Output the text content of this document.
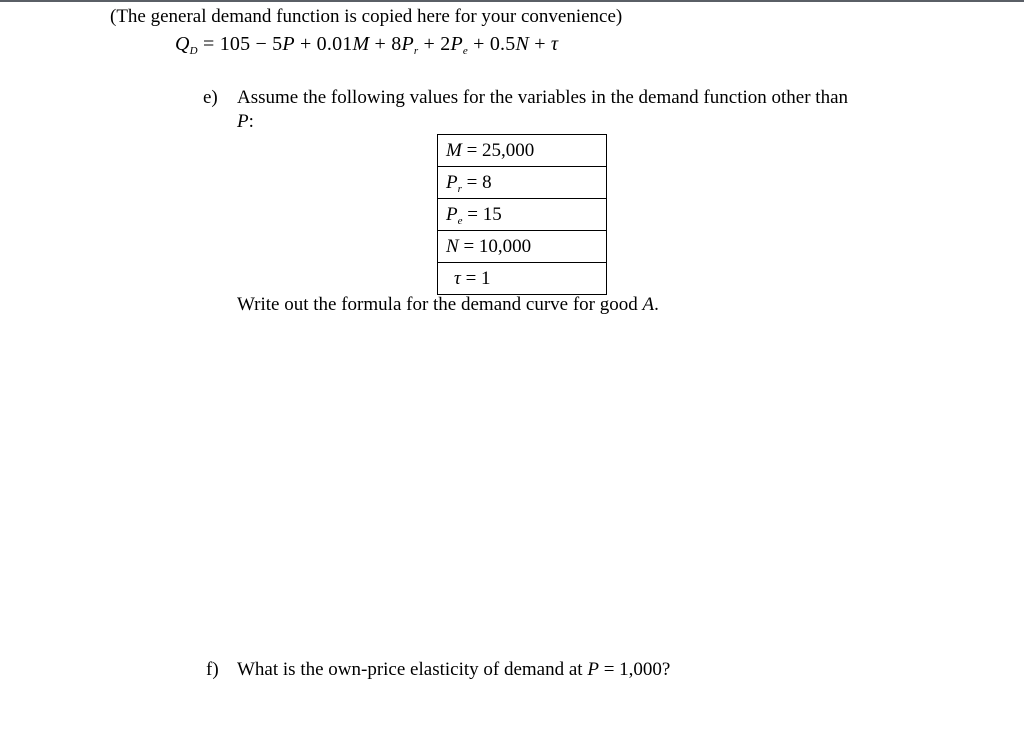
(The general demand function is copied here for your convenience)
$Q_D = 105 - 5P + 0.01M + 8P_r + 2P_e + 0.5N + \tau$
e) Assume the following values for the variables in the demand function other than
P:
M = 25,000
$P_r = 8$
$P_e = 15$
N = 10,000
τ = 1
Write out the formula for the demand curve for good A.
f) What is the own-price elasticity of demand at P = 1,000?
